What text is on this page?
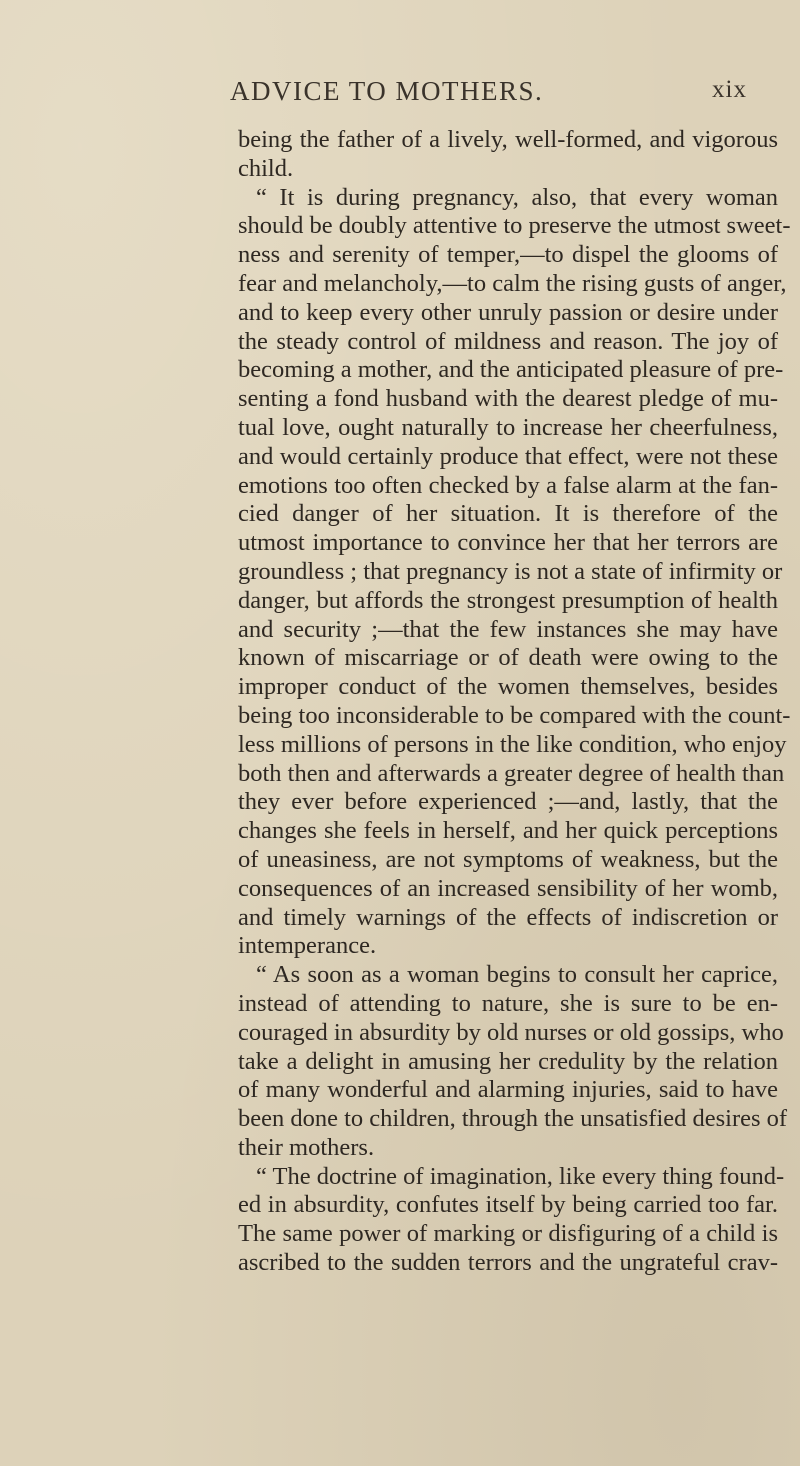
ADVICE TO MOTHERS.	xix
being the father of a lively, well-formed, and vigorous
child.
“ It is during pregnancy, also, that every woman
should be doubly attentive to preserve the utmost sweet-
ness and serenity of temper,—to dispel the glooms of
fear and melancholy,—to calm the rising gusts of anger,
and to keep every other unruly passion or desire under
the steady control of mildness and reason. The joy of
becoming a mother, and the anticipated pleasure of pre-
senting a fond husband with the dearest pledge of mu-
tual love, ought naturally to increase her cheerfulness,
and would certainly produce that effect, were not these
emotions too often checked by a false alarm at the fan-
cied danger of her situation. It is therefore of the
utmost importance to convince her that her terrors are
groundless ; that pregnancy is not a state of infirmity or
danger, but affords the strongest presumption of health
and security ;—that the few instances she may have
known of miscarriage or of death were owing to the
improper conduct of the women themselves, besides
being too inconsiderable to be compared with the count-
less millions of persons in the like condition, who enjoy
both then and afterwards a greater degree of health than
they ever before experienced ;—and, lastly, that the
changes she feels in herself, and her quick perceptions
of uneasiness, are not symptoms of weakness, but the
consequences of an increased sensibility of her womb,
and timely warnings of the effects of indiscretion or
intemperance.
“ As soon as a woman begins to consult her caprice,
instead of attending to nature, she is sure to be en-
couraged in absurdity by old nurses or old gossips, who
take a delight in amusing her credulity by the relation
of many wonderful and alarming injuries, said to have
been done to children, through the unsatisfied desires of
their mothers.
“ The doctrine of imagination, like every thing found-
ed in absurdity, confutes itself by being carried too far.
The same power of marking or disfiguring of a child is
ascribed to the sudden terrors and the ungrateful crav-
